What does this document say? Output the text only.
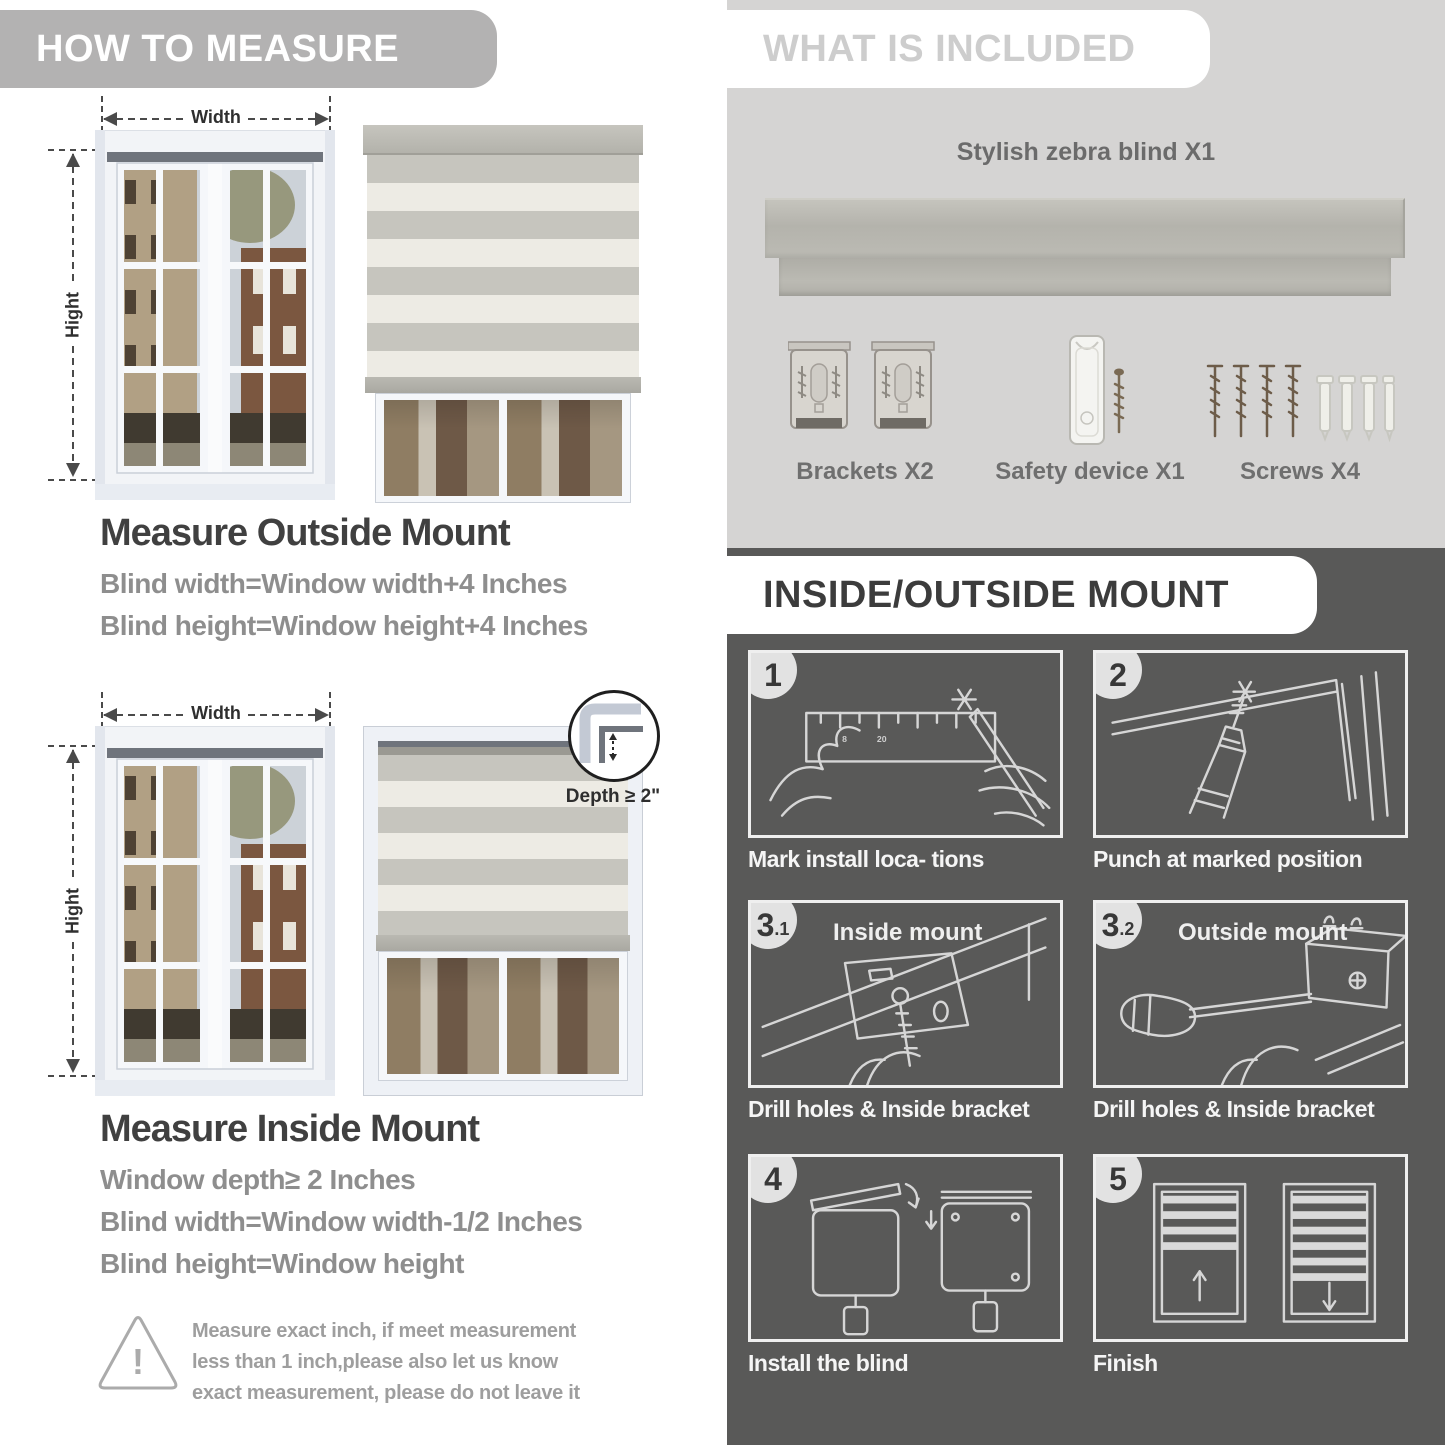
HOW TO MEASURE
Width
Hight
Measure Outside Mount
Blind width=Window width+4 Inches
Blind height=Window height+4 Inches
Width
Hight
Depth ≥ 2"
Measure Inside Mount
Window depth≥ 2 Inches
Blind width=Window width-1/2 Inches
Blind height=Window height
!
Measure exact inch, if meet measurement less than 1 inch,please also let us know exact measurement, please do not leave it
WHAT IS INCLUDED
Stylish zebra blind X1
Brackets X2	Safety device X1	Screws X4
INSIDE/OUTSIDE MOUNT
8	20
1	2
3 .1 Inside mount	3 .2 Outside mount
4	5
Mark install loca- tions	Punch at marked position
Drill holes & Inside bracket	Drill holes & Inside bracket
Install the blind	Finish
